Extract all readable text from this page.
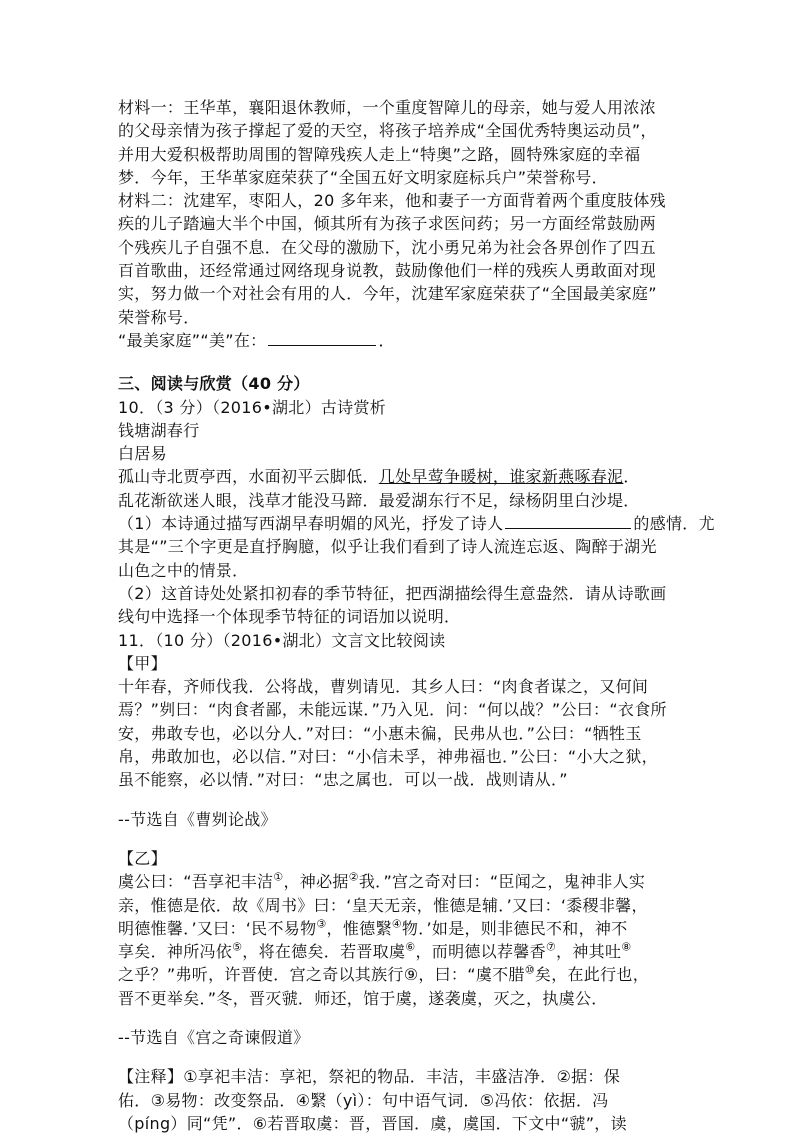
材料一：王华革，襄阳退休教师，一个重度智障儿的母亲，她与爱人用浓浓

的父母亲情为孩子撑起了爱的天空，将孩子培养成“全国优秀特奥运动员”，

并用大爱积极帮助周围的智障残疾人走上“特奥”之路，圆特殊家庭的幸福

梦．今年，王华革家庭荣获了“全国五好文明家庭标兵户”荣誉称号．

材料二：沈建军，枣阳人，20 多年来，他和妻子一方面背着两个重度肢体残

疾的儿子踏遍大半个中国，倾其所有为孩子求医问药；另一方面经常鼓励两

个残疾儿子自强不息．在父母的激励下，沈小勇兄弟为社会各界创作了四五

百首歌曲，还经常通过网络现身说教，鼓励像他们一样的残疾人勇敢面对现

实，努力做一个对社会有用的人．今年，沈建军家庭荣获了“全国最美家庭”

荣誉称号．

“最美家庭”“美”在：	．

三、阅读与欣赏（40 分）

10．（3 分）（2016•湖北）古诗赏析

钱塘湖春行

白居易

孤山寺北贾亭西，水面初平云脚低．几处早莺争暖树，谁家新燕啄春泥．

乱花渐欲迷人眼，浅草才能没马蹄．最爱湖东行不足，绿杨阴里白沙堤．

（1）本诗通过描写西湖早春明媚的风光，抒发了诗人	的感情．尤

其是“”三个字更是直抒胸臆，似乎让我们看到了诗人流连忘返、陶醉于湖光

山色之中的情景．

（2）这首诗处处紧扣初春的季节特征，把西湖描绘得生意盎然．请从诗歌画

线句中选择一个体现季节特征的词语加以说明．

11．（10 分）（2016•湖北）文言文比较阅读

【甲】

十年春，齐师伐我．公将战，曹刿请见．其乡人曰：“肉食者谋之，又何间

焉？”刿曰：“肉食者鄙，未能远谋．”乃入见．问：“何以战？”公曰：“衣食所

安，弗敢专也，必以分人．”对曰：“小惠未徧，民弗从也．”公曰：“牺牲玉

帛，弗敢加也，必以信．”对曰：“小信未孚，神弗福也．”公曰：“小大之狱，

虽不能察，必以情．”对曰：“忠之属也．可以一战．战则请从．”

--节选自《曹刿论战》

【乙】

虞公曰：“吾享祀丰洁①，神必据②我．”宫之奇对曰：“臣闻之，鬼神非人实

亲，惟德是依．故《周书》曰：‘皇天无亲，惟德是辅．’又曰：‘黍稷非馨，

明德惟馨．’又曰：‘民不易物③，惟德繄④物．’如是，则非德民不和，神不

享矣．神所冯依⑤，将在德矣．若晋取虞⑥，而明德以荐馨香⑦，神其吐⑧

之乎？”弗听，许晋使．宫之奇以其族行⑨，曰：“虞不腊⑩矣，在此行也，

晋不更举矣．”冬，晋灭虢．师还，馆于虞，遂袭虞，灭之，执虞公．

--节选自《宫之奇谏假道》

【注释】①享祀丰洁：享祀，祭祀的物品．丰洁，丰盛洁净．②据：保

佑．③易物：改变祭品．④繄（yì）：句中语气词．⑤冯依：依据．冯

（píng）同“凭”．⑥若晋取虞：晋，晋国．虞，虞国．下文中“虢”，读
